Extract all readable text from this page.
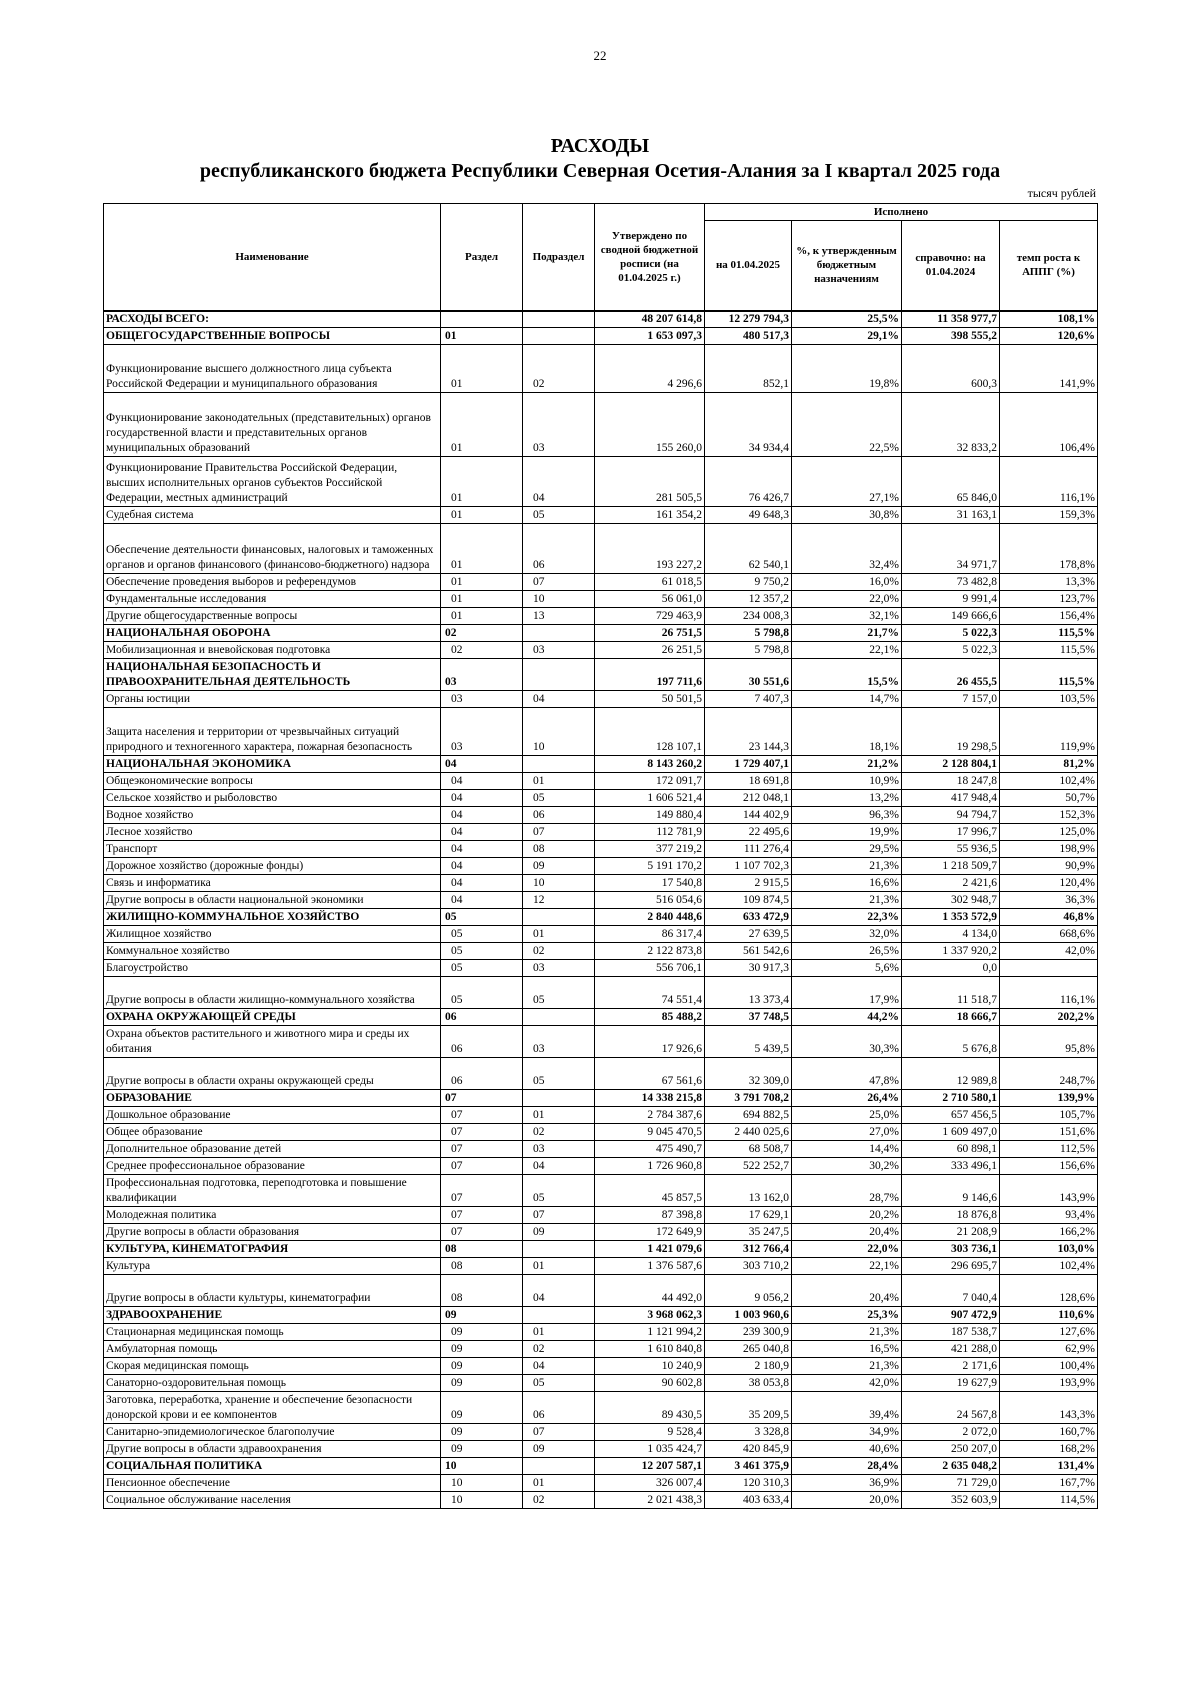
22
РАСХОДЫ
республиканского бюджета Республики Северная Осетия-Алания за I квартал 2025 года
тысяч рублей
Наименование	Раздел	Подраздел	Утверждено по сводной бюджетной росписи (на 01.04.2025 г.)	Исполнено			
				на 01.04.2025	%, к утвержденным бюджетным назначениям	справочно: на 01.04.2024	темп роста к АППГ (%)
РАСХОДЫ ВСЕГО:			48 207 614,8	12 279 794,3	25,5%	11 358 977,7	108,1%
ОБЩЕГОСУДАРСТВЕННЫЕ ВОПРОСЫ	01		1 653 097,3	480 517,3	29,1%	398 555,2	120,6%
Функционирование высшего должностного лица субъекта Российской Федерации и муниципального образования	01	02	4 296,6	852,1	19,8%	600,3	141,9%
Функционирование законодательных (представительных) органов государственной власти и представительных органов муниципальных образований	01	03	155 260,0	34 934,4	22,5%	32 833,2	106,4%
Функционирование Правительства Российской Федерации, высших исполнительных органов субъектов Российской Федерации, местных администраций	01	04	281 505,5	76 426,7	27,1%	65 846,0	116,1%
Судебная система	01	05	161 354,2	49 648,3	30,8%	31 163,1	159,3%
Обеспечение деятельности финансовых, налоговых и таможенных органов и органов финансового (финансово-бюджетного) надзора	01	06	193 227,2	62 540,1	32,4%	34 971,7	178,8%
Обеспечение проведения выборов и референдумов	01	07	61 018,5	9 750,2	16,0%	73 482,8	13,3%
Фундаментальные исследования	01	10	56 061,0	12 357,2	22,0%	9 991,4	123,7%
Другие общегосударственные вопросы	01	13	729 463,9	234 008,3	32,1%	149 666,6	156,4%
НАЦИОНАЛЬНАЯ ОБОРОНА	02		26 751,5	5 798,8	21,7%	5 022,3	115,5%
Мобилизационная и вневойсковая подготовка	02	03	26 251,5	5 798,8	22,1%	5 022,3	115,5%
НАЦИОНАЛЬНАЯ БЕЗОПАСНОСТЬ И ПРАВООХРАНИТЕЛЬНАЯ ДЕЯТЕЛЬНОСТЬ	03		197 711,6	30 551,6	15,5%	26 455,5	115,5%
Органы юстиции	03	04	50 501,5	7 407,3	14,7%	7 157,0	103,5%
Защита населения и территории от чрезвычайных ситуаций природного и техногенного характера, пожарная безопасность	03	10	128 107,1	23 144,3	18,1%	19 298,5	119,9%
НАЦИОНАЛЬНАЯ ЭКОНОМИКА	04		8 143 260,2	1 729 407,1	21,2%	2 128 804,1	81,2%
Общеэкономические вопросы	04	01	172 091,7	18 691,8	10,9%	18 247,8	102,4%
Сельское хозяйство и рыболовство	04	05	1 606 521,4	212 048,1	13,2%	417 948,4	50,7%
Водное хозяйство	04	06	149 880,4	144 402,9	96,3%	94 794,7	152,3%
Лесное хозяйство	04	07	112 781,9	22 495,6	19,9%	17 996,7	125,0%
Транспорт	04	08	377 219,2	111 276,4	29,5%	55 936,5	198,9%
Дорожное хозяйство (дорожные фонды)	04	09	5 191 170,2	1 107 702,3	21,3%	1 218 509,7	90,9%
Связь и информатика	04	10	17 540,8	2 915,5	16,6%	2 421,6	120,4%
Другие вопросы в области национальной экономики	04	12	516 054,6	109 874,5	21,3%	302 948,7	36,3%
ЖИЛИЩНО-КОММУНАЛЬНОЕ ХОЗЯЙСТВО	05		2 840 448,6	633 472,9	22,3%	1 353 572,9	46,8%
Жилищное хозяйство	05	01	86 317,4	27 639,5	32,0%	4 134,0	668,6%
Коммунальное хозяйство	05	02	2 122 873,8	561 542,6	26,5%	1 337 920,2	42,0%
Благоустройство	05	03	556 706,1	30 917,3	5,6%	0,0	
Другие вопросы в области жилищно-коммунального хозяйства	05	05	74 551,4	13 373,4	17,9%	11 518,7	116,1%
ОХРАНА ОКРУЖАЮЩЕЙ СРЕДЫ	06		85 488,2	37 748,5	44,2%	18 666,7	202,2%
Охрана объектов растительного и животного мира и среды их обитания	06	03	17 926,6	5 439,5	30,3%	5 676,8	95,8%
Другие вопросы в области охраны окружающей среды	06	05	67 561,6	32 309,0	47,8%	12 989,8	248,7%
ОБРАЗОВАНИЕ	07		14 338 215,8	3 791 708,2	26,4%	2 710 580,1	139,9%
Дошкольное образование	07	01	2 784 387,6	694 882,5	25,0%	657 456,5	105,7%
Общее образование	07	02	9 045 470,5	2 440 025,6	27,0%	1 609 497,0	151,6%
Дополнительное образование детей	07	03	475 490,7	68 508,7	14,4%	60 898,1	112,5%
Среднее профессиональное образование	07	04	1 726 960,8	522 252,7	30,2%	333 496,1	156,6%
Профессиональная подготовка, переподготовка и повышение квалификации	07	05	45 857,5	13 162,0	28,7%	9 146,6	143,9%
Молодежная политика	07	07	87 398,8	17 629,1	20,2%	18 876,8	93,4%
Другие вопросы в области образования	07	09	172 649,9	35 247,5	20,4%	21 208,9	166,2%
КУЛЬТУРА, КИНЕМАТОГРАФИЯ	08		1 421 079,6	312 766,4	22,0%	303 736,1	103,0%
Культура	08	01	1 376 587,6	303 710,2	22,1%	296 695,7	102,4%
Другие вопросы в области культуры, кинематографии	08	04	44 492,0	9 056,2	20,4%	7 040,4	128,6%
ЗДРАВООХРАНЕНИЕ	09		3 968 062,3	1 003 960,6	25,3%	907 472,9	110,6%
Стационарная медицинская помощь	09	01	1 121 994,2	239 300,9	21,3%	187 538,7	127,6%
Амбулаторная помощь	09	02	1 610 840,8	265 040,8	16,5%	421 288,0	62,9%
Скорая медицинская помощь	09	04	10 240,9	2 180,9	21,3%	2 171,6	100,4%
Санаторно-оздоровительная помощь	09	05	90 602,8	38 053,8	42,0%	19 627,9	193,9%
Заготовка, переработка, хранение и обеспечение безопасности донорской крови и ее компонентов	09	06	89 430,5	35 209,5	39,4%	24 567,8	143,3%
Санитарно-эпидемиологическое благополучие	09	07	9 528,4	3 328,8	34,9%	2 072,0	160,7%
Другие вопросы в области здравоохранения	09	09	1 035 424,7	420 845,9	40,6%	250 207,0	168,2%
СОЦИАЛЬНАЯ ПОЛИТИКА	10		12 207 587,1	3 461 375,9	28,4%	2 635 048,2	131,4%
Пенсионное обеспечение	10	01	326 007,4	120 310,3	36,9%	71 729,0	167,7%
Социальное обслуживание населения	10	02	2 021 438,3	403 633,4	20,0%	352 603,9	114,5%
